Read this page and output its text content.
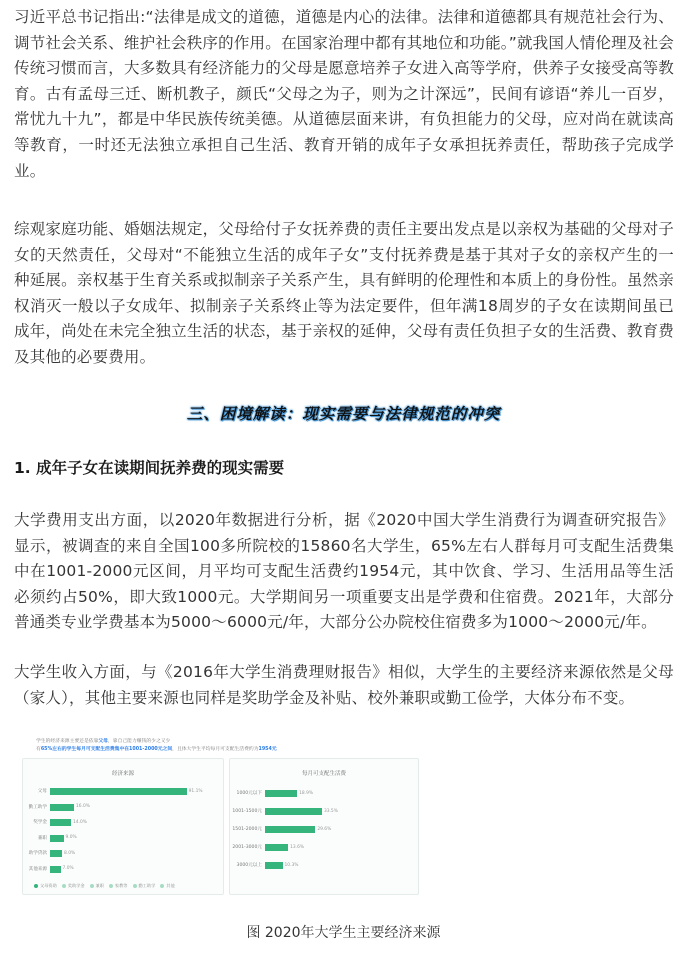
习近平总书记指出:“法律是成文的道德，道德是内心的法律。法律和道德都具有规范社会行为、调节社会关系、维护社会秩序的作用。在国家治理中都有其地位和功能。”就我国人情伦理及社会传统习惯而言，大多数具有经济能力的父母是愿意培养子女进入高等学府，供养子女接受高等教育。古有孟母三迁、断机教子，颜氏“父母之为子，则为之计深远”，民间有谚语“养儿一百岁，常忧九十九”，都是中华民族传统美德。从道德层面来讲，有负担能力的父母，应对尚在就读高等教育，一时还无法独立承担自己生活、教育开销的成年子女承担抚养责任，帮助孩子完成学业。

综观家庭功能、婚姻法规定，父母给付子女抚养费的责任主要出发点是以亲权为基础的父母对子女的天然责任，父母对“不能独立生活的成年子女”支付抚养费是基于其对子女的亲权产生的一种延展。亲权基于生育关系或拟制亲子关系产生，具有鲜明的伦理性和本质上的身份性。虽然亲权消灭一般以子女成年、拟制亲子关系终止等为法定要件，但年满18周岁的子女在读期间虽已成年，尚处在未完全独立生活的状态，基于亲权的延伸，父母有责任负担子女的生活费、教育费及其他的必要费用。

三、困境解读：现实需要与法律规范的冲突
1. 成年子女在读期间抚养费的现实需要

大学费用支出方面，以2020年数据进行分析，据《2020中国大学生消费行为调查研究报告》显示，被调查的来自全国100多所院校的15860名大学生，65%左右人群每月可支配生活费集中在1001-2000元区间，月平均可支配生活费约1954元，其中饮食、学习、生活用品等生活必须约占50%，即大致1000元。大学期间另一项重要支出是学费和住宿费。2021年，大部分普通类专业学费基本为5000～6000元/年，大部分公办院校住宿费多为1000～2000元/年。

大学生收入方面，与《2016年大学生消费理财报告》相似，大学生的主要经济来源依然是父母（家人），其他主要来源也同样是奖助学金及补贴、校外兼职或勤工俭学，大体分布不变。

学生的经济来源主要还是依靠父母，靠自己能力赚钱的少之又少
有65%左右的学生每月可支配生活费集中在1001-2000元之间，且体大学生平均每月可支配生活费约为1954元
经济来源
父母	91.1%
勤工助学	16.0%
奖学金	14.0%
兼职	9.0%
助学贷款	8.0%
其他来源	7.0%
父母资助	奖助学金	兼职	家教等	勤工助学	其他
每月可支配生活费
1000元以下	18.9%
1001-1500元	33.5%
1501-2000元	29.6%
2001-3000元	13.6%
3000元以上	10.3%
图 2020年大学生主要经济来源
